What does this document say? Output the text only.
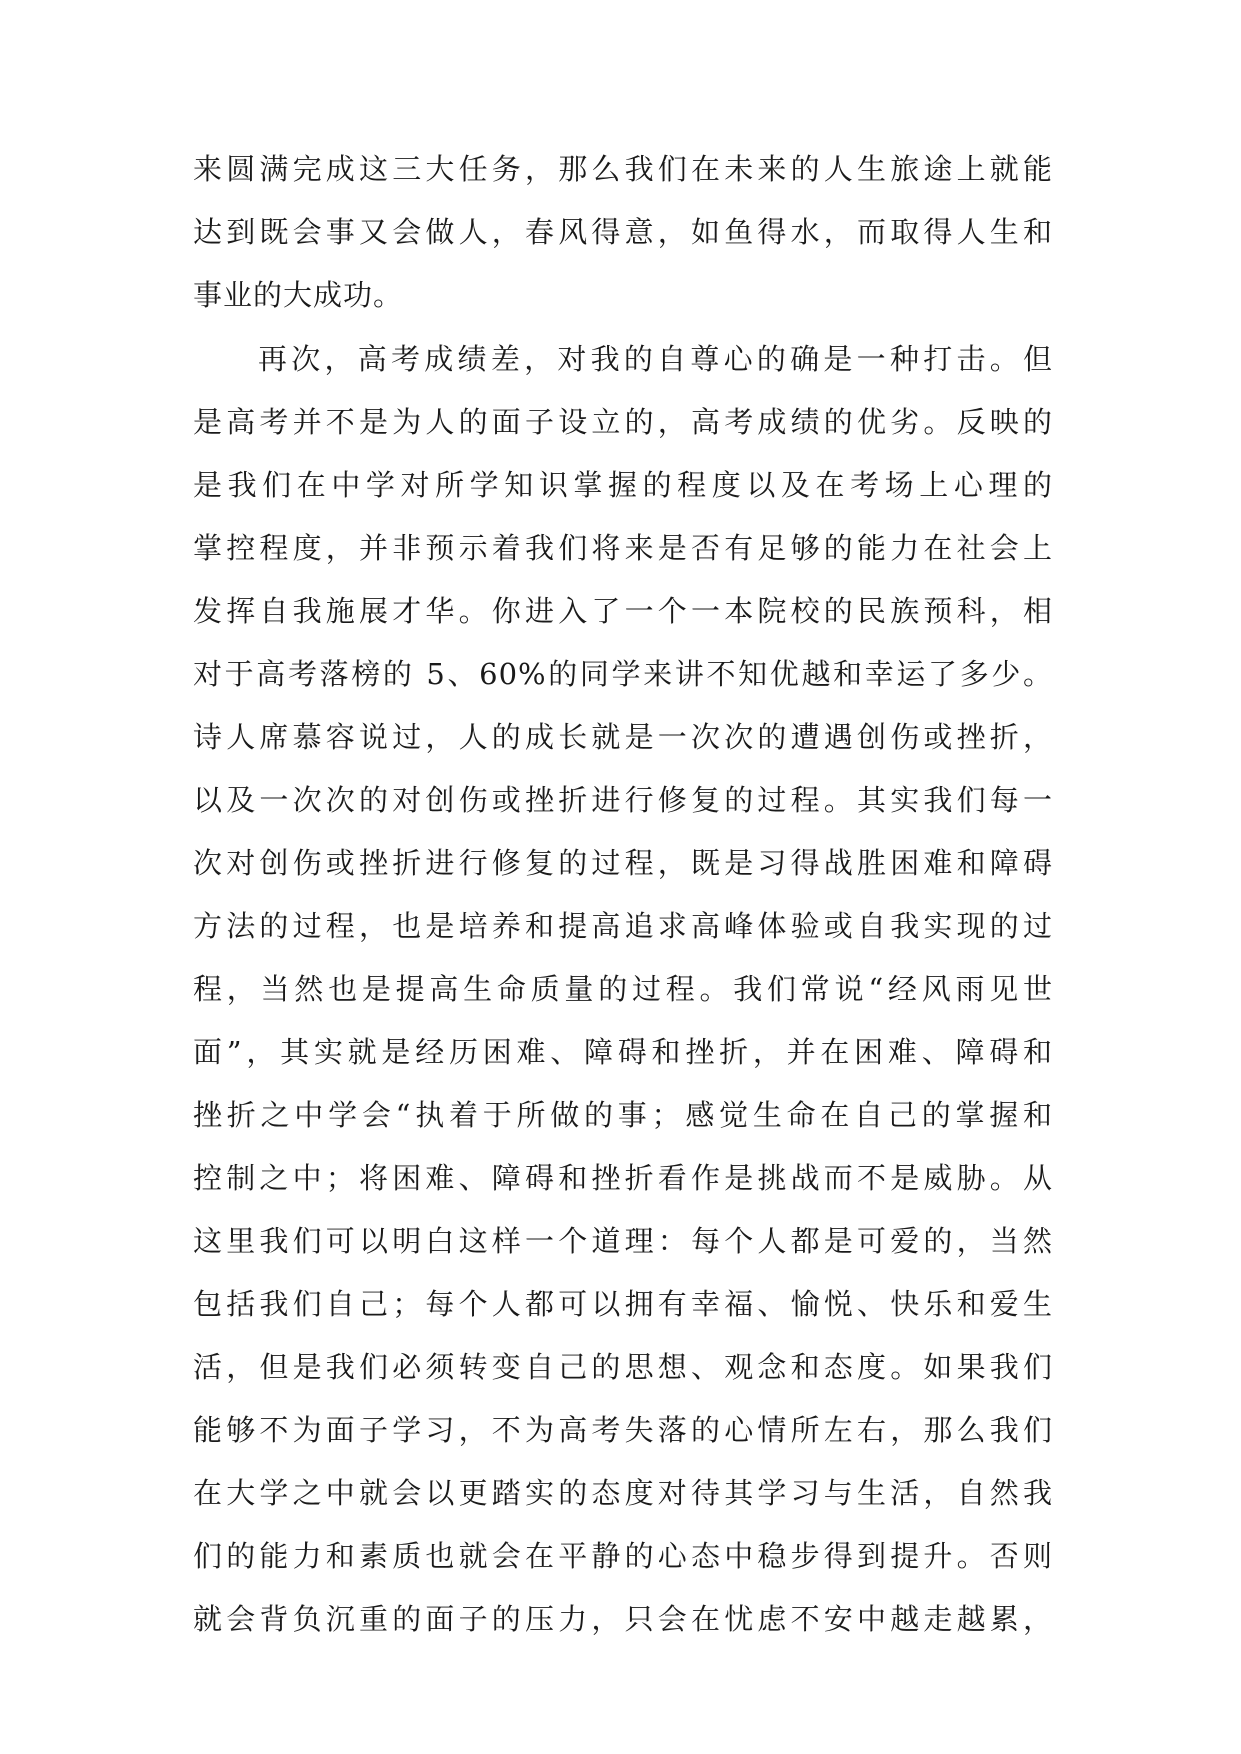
来圆满完成这三大任务，那么我们在未来的人生旅途上就能
达到既会事又会做人，春风得意，如鱼得水，而取得人生和
事业的大成功。
再次，高考成绩差，对我的自尊心的确是一种打击。但
是高考并不是为人的面子设立的，高考成绩的优劣。反映的
是我们在中学对所学知识掌握的程度以及在考场上心理的
掌控程度，并非预示着我们将来是否有足够的能力在社会上
发挥自我施展才华。你进入了一个一本院校的民族预科，相
对于高考落榜的 5、60%的同学来讲不知优越和幸运了多少。
诗人席慕容说过，人的成长就是一次次的遭遇创伤或挫折，
以及一次次的对创伤或挫折进行修复的过程。其实我们每一
次对创伤或挫折进行修复的过程，既是习得战胜困难和障碍
方法的过程，也是培养和提高追求高峰体验或自我实现的过
程，当然也是提高生命质量的过程。我们常说“经风雨见世
面”，其实就是经历困难、障碍和挫折，并在困难、障碍和
挫折之中学会“执着于所做的事；感觉生命在自己的掌握和
控制之中；将困难、障碍和挫折看作是挑战而不是威胁。从
这里我们可以明白这样一个道理：每个人都是可爱的，当然
包括我们自己；每个人都可以拥有幸福、愉悦、快乐和爱生
活，但是我们必须转变自己的思想、观念和态度。如果我们
能够不为面子学习，不为高考失落的心情所左右，那么我们
在大学之中就会以更踏实的态度对待其学习与生活，自然我
们的能力和素质也就会在平静的心态中稳步得到提升。否则
就会背负沉重的面子的压力，只会在忧虑不安中越走越累，
